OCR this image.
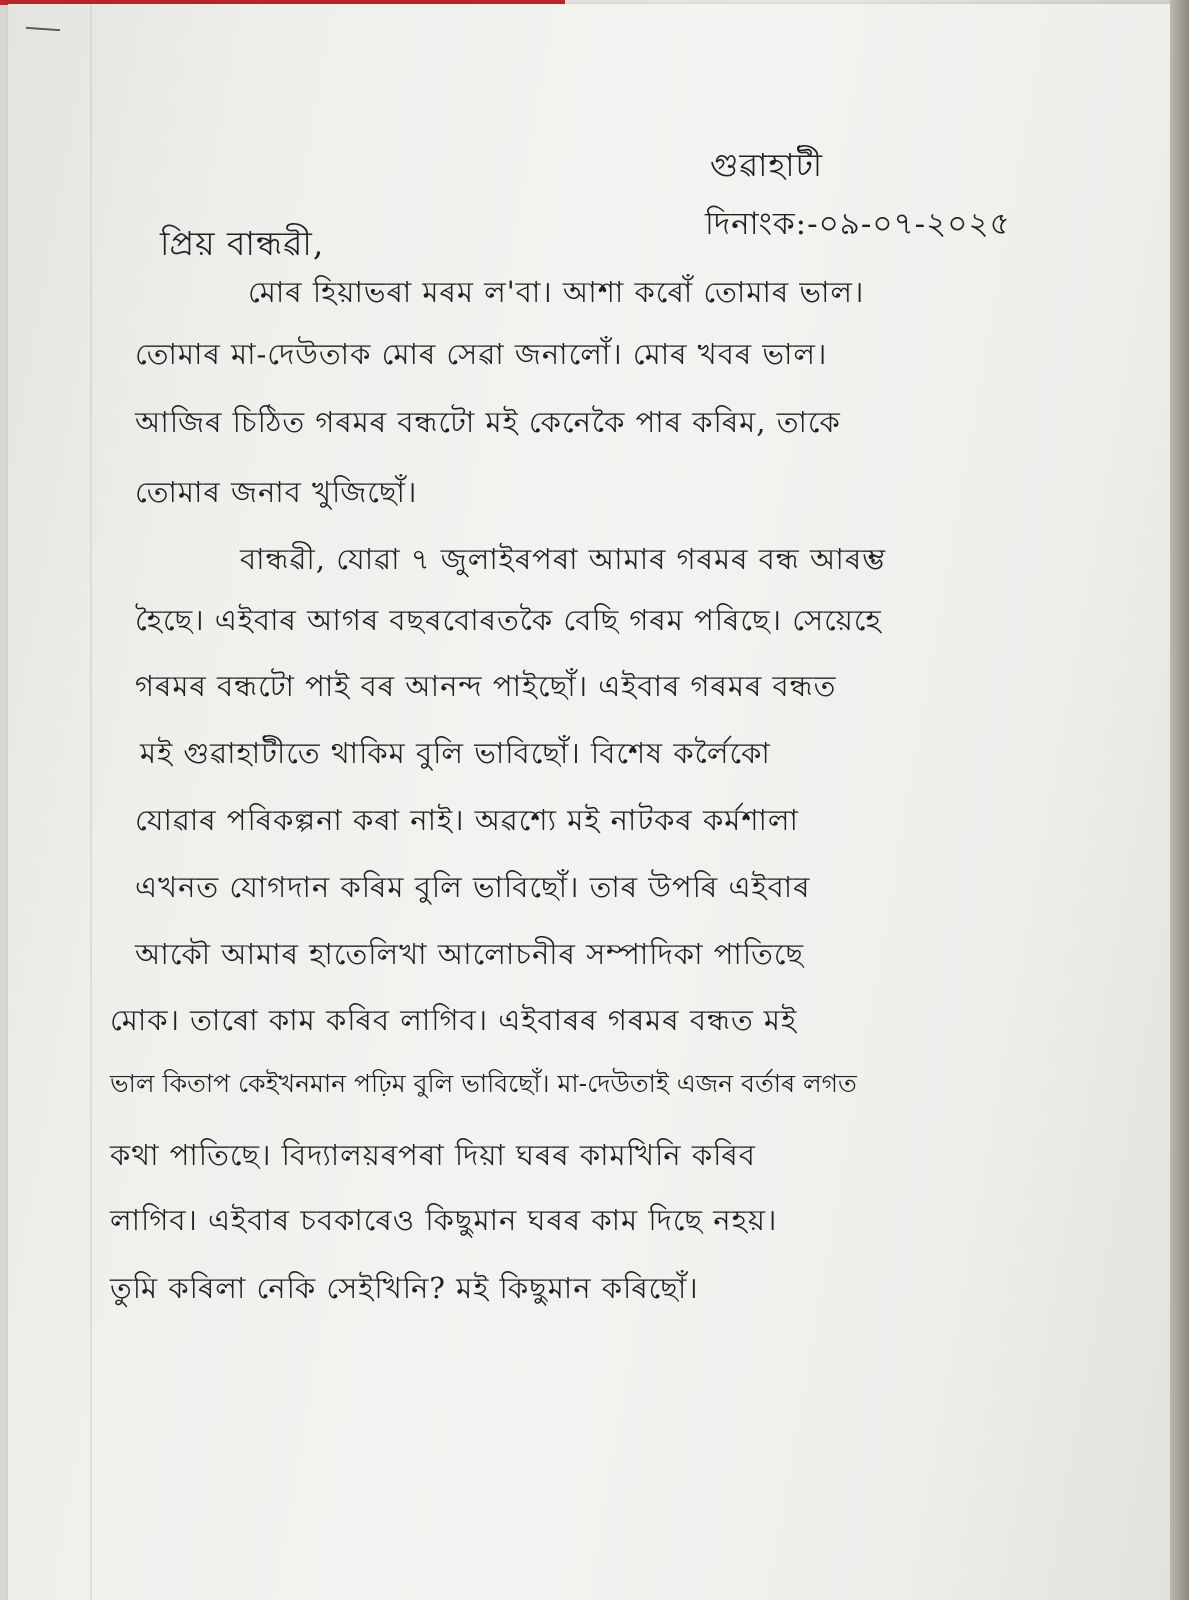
গুৱাহাটী
দিনাংক:-০৯-০৭-২০২৫
প্ৰিয় বান্ধৱী,
মোৰ হিয়াভৰা মৰম ল'বা। আশা কৰোঁ তোমাৰ ভাল।
তোমাৰ মা-দেউতাক মোৰ সেৱা জনালোঁ। মোৰ খবৰ ভাল।
আজিৰ চিঠিত গৰমৰ বন্ধটো মই কেনেকৈ পাৰ কৰিম, তাকে
তোমাৰ জনাব খুজিছোঁ।
বান্ধৱী, যোৱা ৭ জুলাইৰপৰা আমাৰ গৰমৰ বন্ধ আৰম্ভ
হৈছে। এইবাৰ আগৰ বছৰবোৰতকৈ বেছি গৰম পৰিছে। সেয়েহে
গৰমৰ বন্ধটো পাই বৰ আনন্দ পাইছোঁ। এইবাৰ গৰমৰ বন্ধত
মই গুৱাহাটীতে থাকিম বুলি ভাবিছোঁ। বিশেষ কৰ্লৈকো
যোৱাৰ পৰিকল্পনা কৰা নাই। অৱশ্যে মই নাটকৰ কৰ্মশালা
এখনত যোগদান কৰিম বুলি ভাবিছোঁ। তাৰ উপৰি এইবাৰ
আকৌ আমাৰ হাতেলিখা আলোচনীৰ সম্পাদিকা পাতিছে
মোক। তাৰো কাম কৰিব লাগিব। এইবাৰৰ গৰমৰ বন্ধত মই
ভাল কিতাপ কেইখনমান পঢ়িম বুলি ভাবিছোঁ। মা-দেউতাই এজন বৰ্তাৰ লগত
কথা পাতিছে। বিদ্যালয়ৰপৰা দিয়া ঘৰৰ কামখিনি কৰিব
লাগিব। এইবাৰ চবকাৰেও কিছুমান ঘৰৰ কাম দিছে নহয়।
তুমি কৰিলা নেকি সেইখিনি? মই কিছুমান কৰিছোঁ।
